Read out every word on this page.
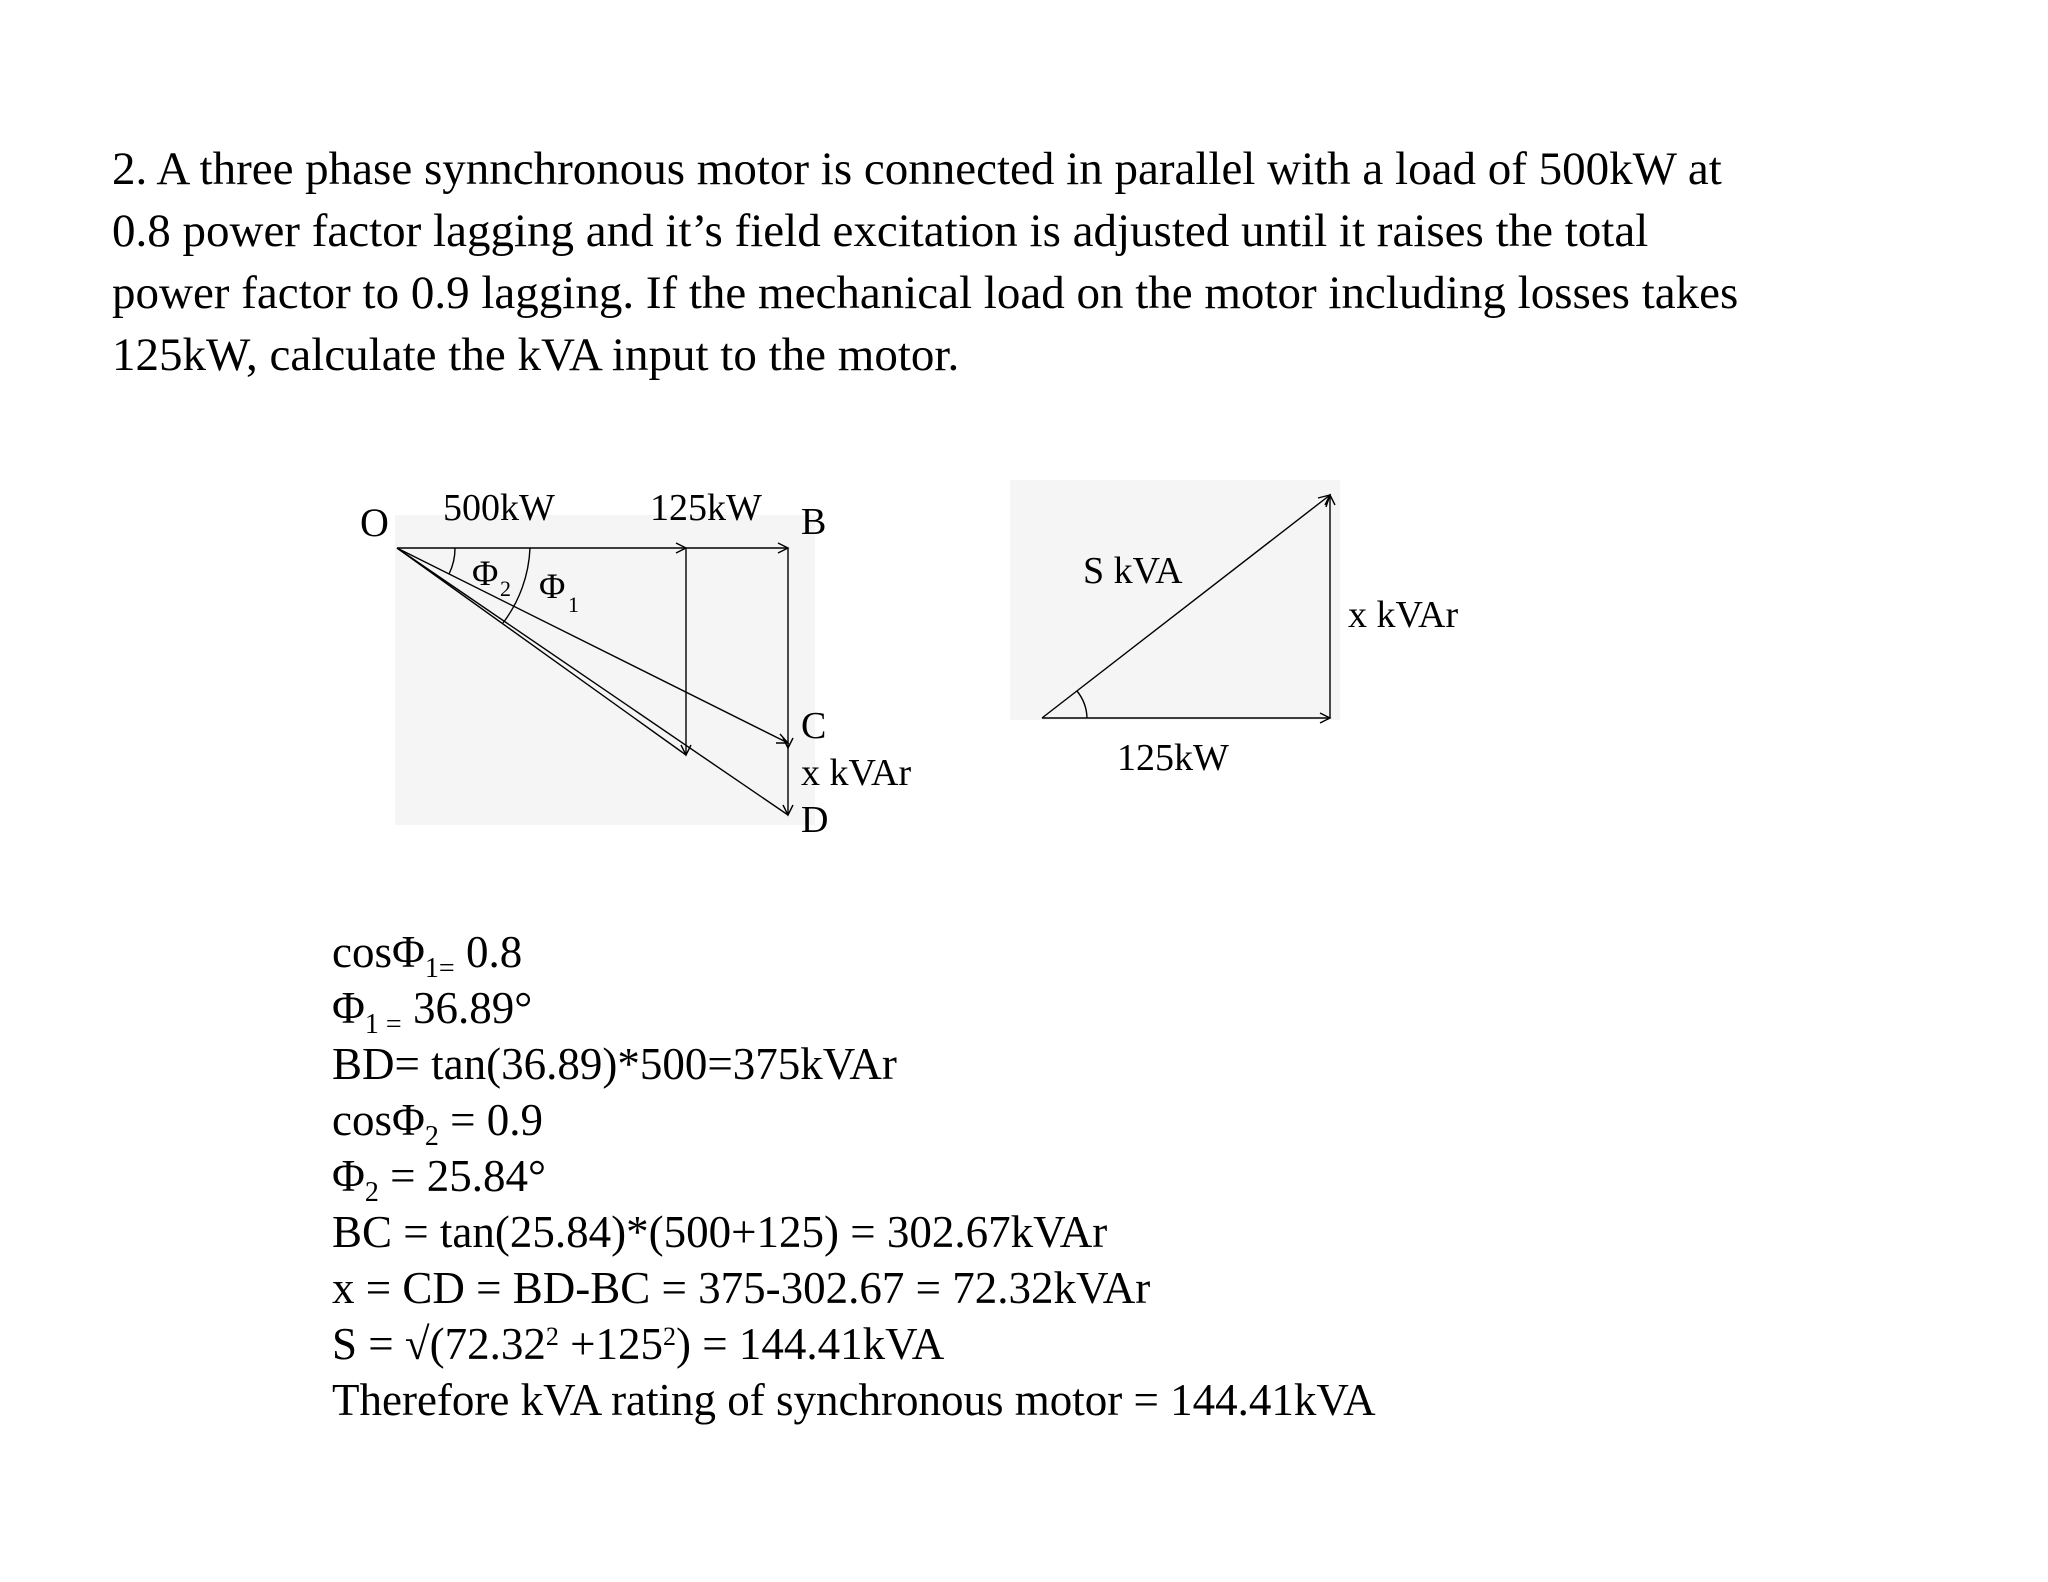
2. A three phase synnchronous motor is connected in parallel with a load of 500kW at
0.8 power factor lagging and it’s field excitation is adjusted until it raises the total
power factor to 0.9 lagging. If the mechanical load on the motor including losses takes
125kW, calculate the kVA input to the motor.
O 500kW	125kW B
Φ 2 Φ 1
C
x kVAr
D
S kVA
x kVAr
125kW
cosΦ$_{1=}$ 0.8
$\Phi_{1 =}$ 36.89°
BD= tan(36.89)*500=375kVAr
cosΦ$_2$ = 0.9
$\Phi_2 = 25.84^\circ$
BC = tan(25.84)*(500+125) = 302.67kVAr
x = CD = BD-BC = 375-302.67 = 72.32kVAr
$S = √(72.32^2 +125^2) = 144.41kVA$
Therefore kVA rating of synchronous motor = 144.41kVA
